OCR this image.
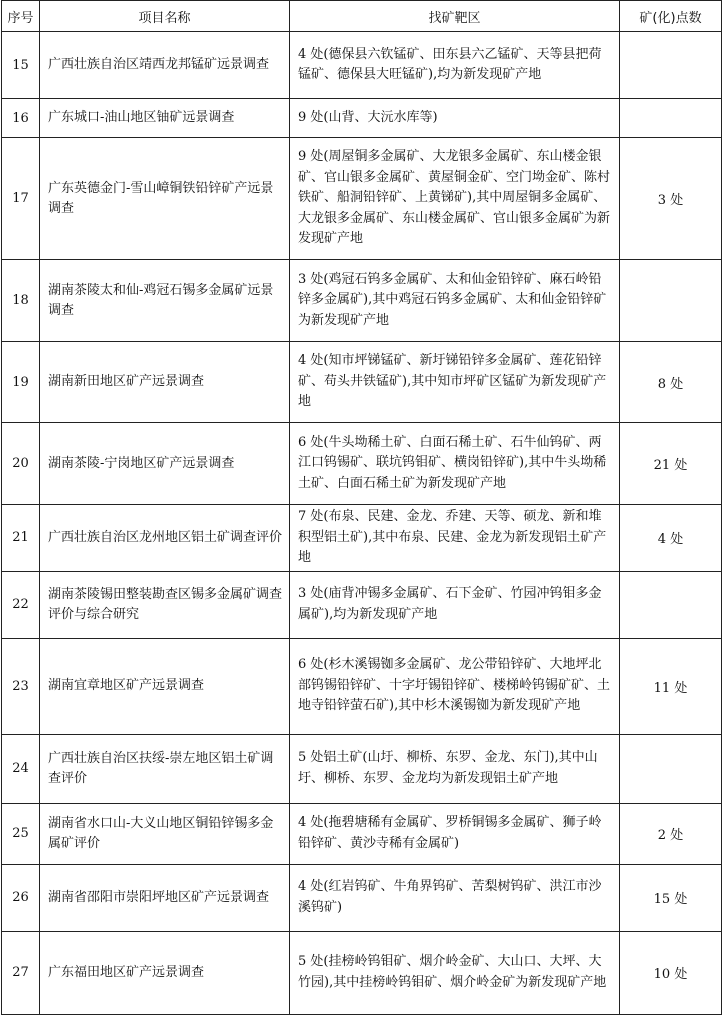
序号	项目名称	找矿靶区	矿(化)点数
15	广西壮族自治区靖西龙邦锰矿远景调查	4 处(德保县六钦锰矿、田东县六乙锰矿、天等县把荷锰矿、德保县大旺锰矿),均为新发现矿产地	
16	广东城口-油山地区铀矿远景调查	9 处(山背、大沅水库等)	
17	广东英德金门-雪山嶂铜铁铅锌矿产远景调查	9 处(周屋铜多金属矿、大龙银多金属矿、东山楼金银矿、官山银多金属矿、黄屋铜金矿、空门坳金矿、陈村铁矿、船洞铅锌矿、上黄锑矿),其中周屋铜多金属矿、大龙银多金属矿、东山楼金属矿、官山银多金属矿为新发现矿产地	3 处
18	湖南茶陵太和仙-鸡冠石锡多金属矿远景调查	3 处(鸡冠石钨多金属矿、太和仙金铅锌矿、麻石岭铅锌多金属矿),其中鸡冠石钨多金属矿、太和仙金铅锌矿为新发现矿产地	
19	湖南新田地区矿产远景调查	4 处(知市坪锑锰矿、新圩锑铅锌多金属矿、莲花铅锌矿、苟头井铁锰矿),其中知市坪矿区锰矿为新发现矿产地	8 处
20	湖南茶陵-宁岗地区矿产远景调查	6 处(牛头坳稀土矿、白面石稀土矿、石牛仙钨矿、两江口钨锡矿、联坑钨钼矿、横岗铅锌矿),其中牛头坳稀土矿、白面石稀土矿为新发现矿产地	21 处
21	广西壮族自治区龙州地区铝土矿调查评价	7 处(布泉、民建、金龙、乔建、天等、硕龙、新和堆积型铝土矿),其中布泉、民建、金龙为新发现铝土矿产地	4 处
22	湖南茶陵锡田整装勘查区锡多金属矿调查评价与综合研究	3 处(庙背冲锡多金属矿、石下金矿、竹园冲钨钼多金属矿),均为新发现矿产地	
23	湖南宜章地区矿产远景调查	6 处(杉木溪锡铷多金属矿、龙公带铅锌矿、大地坪北部钨锡铅锌矿、十字圩锡铅锌矿、楼梯岭钨锡矿矿、土地寺铅锌萤石矿),其中杉木溪锡铷为新发现矿产地	11 处
24	广西壮族自治区扶绥-崇左地区铝土矿调查评价	5 处铝土矿(山圩、柳桥、东罗、金龙、东门),其中山圩、柳桥、东罗、金龙均为新发现铝土矿产地	
25	湖南省水口山-大义山地区铜铅锌锡多金属矿评价	4 处(拖碧塘稀有金属矿、罗桥铜锡多金属矿、狮子岭铅锌矿、黄沙寺稀有金属矿)	2 处
26	湖南省邵阳市崇阳坪地区矿产远景调查	4 处(红岩钨矿、牛角界钨矿、苦梨树钨矿、洪江市沙溪钨矿)	15 处
27	广东福田地区矿产远景调查	5 处(挂榜岭钨钼矿、烟介岭金矿、大山口、大坪、大竹园),其中挂榜岭钨钼矿、烟介岭金矿为新发现矿产地	10 处
